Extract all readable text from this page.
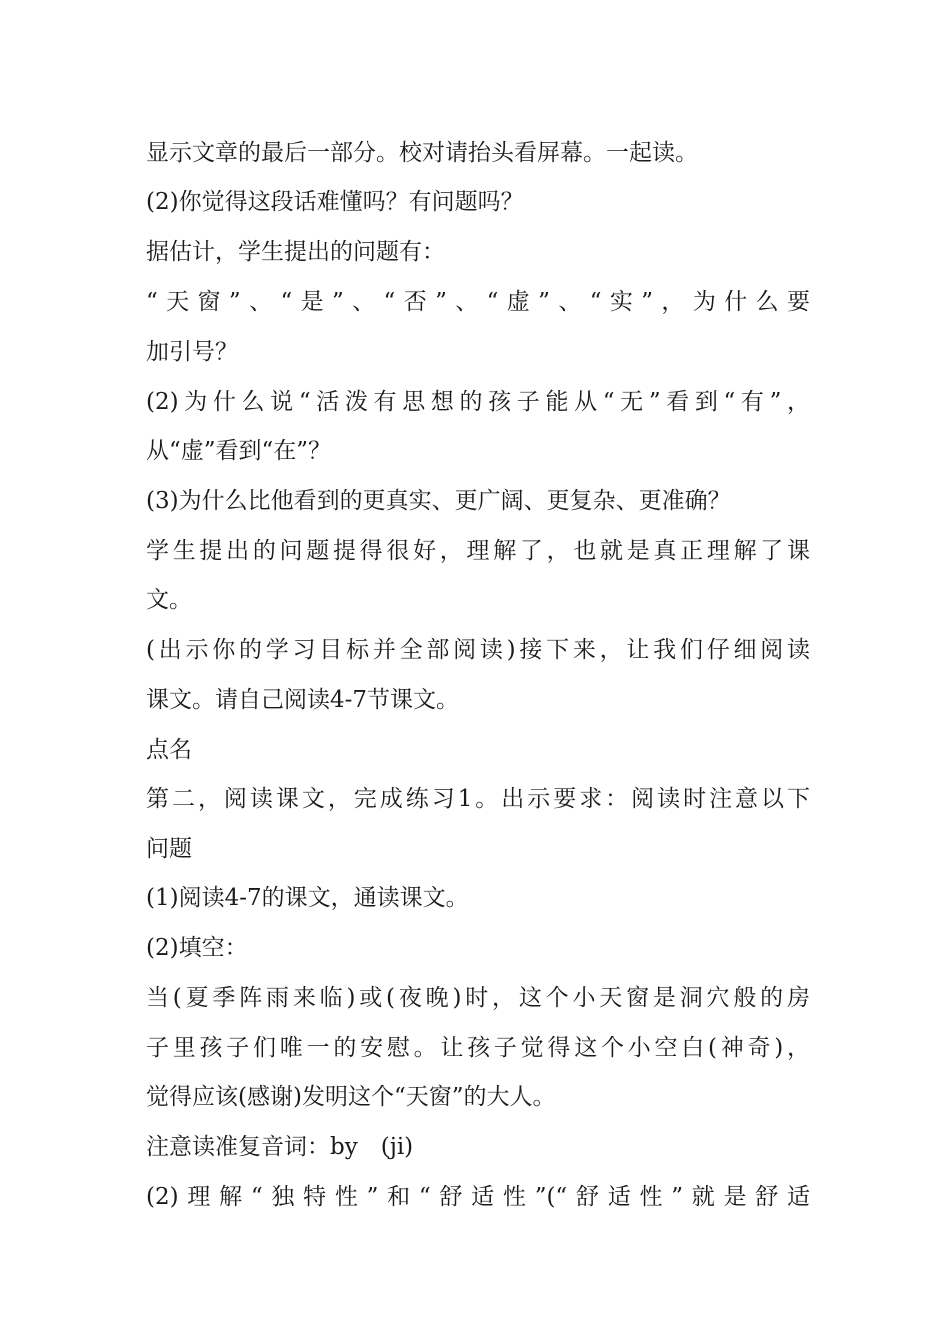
显示文章的最后一部分。校对请抬头看屏幕。一起读。
(2)你觉得这段话难懂吗？有问题吗？
据估计，学生提出的问题有：
“天窗”、“是”、“否”、“虚”、“实”，为什么要
加引号？
(2)为什么说“活泼有思想的孩子能从“无”看到“有”，
从“虚”看到“在”？
(3)为什么比他看到的更真实、更广阔、更复杂、更准确？
学生提出的问题提得很好，理解了，也就是真正理解了课
文。
(出示你的学习目标并全部阅读)接下来，让我们仔细阅读
课文。请自己阅读4-7节课文。
点名
第二，阅读课文，完成练习1。出示要求：阅读时注意以下
问题
(1)阅读4-7的课文，通读课文。
(2)填空：
当(夏季阵雨来临)或(夜晚)时，这个小天窗是洞穴般的房
子里孩子们唯一的安慰。让孩子觉得这个小空白(神奇)，
觉得应该(感谢)发明这个“天窗”的大人。
注意读准复音词：by　(ji)
(2)理解“独特性”和“舒适性”(“舒适性”就是舒适
